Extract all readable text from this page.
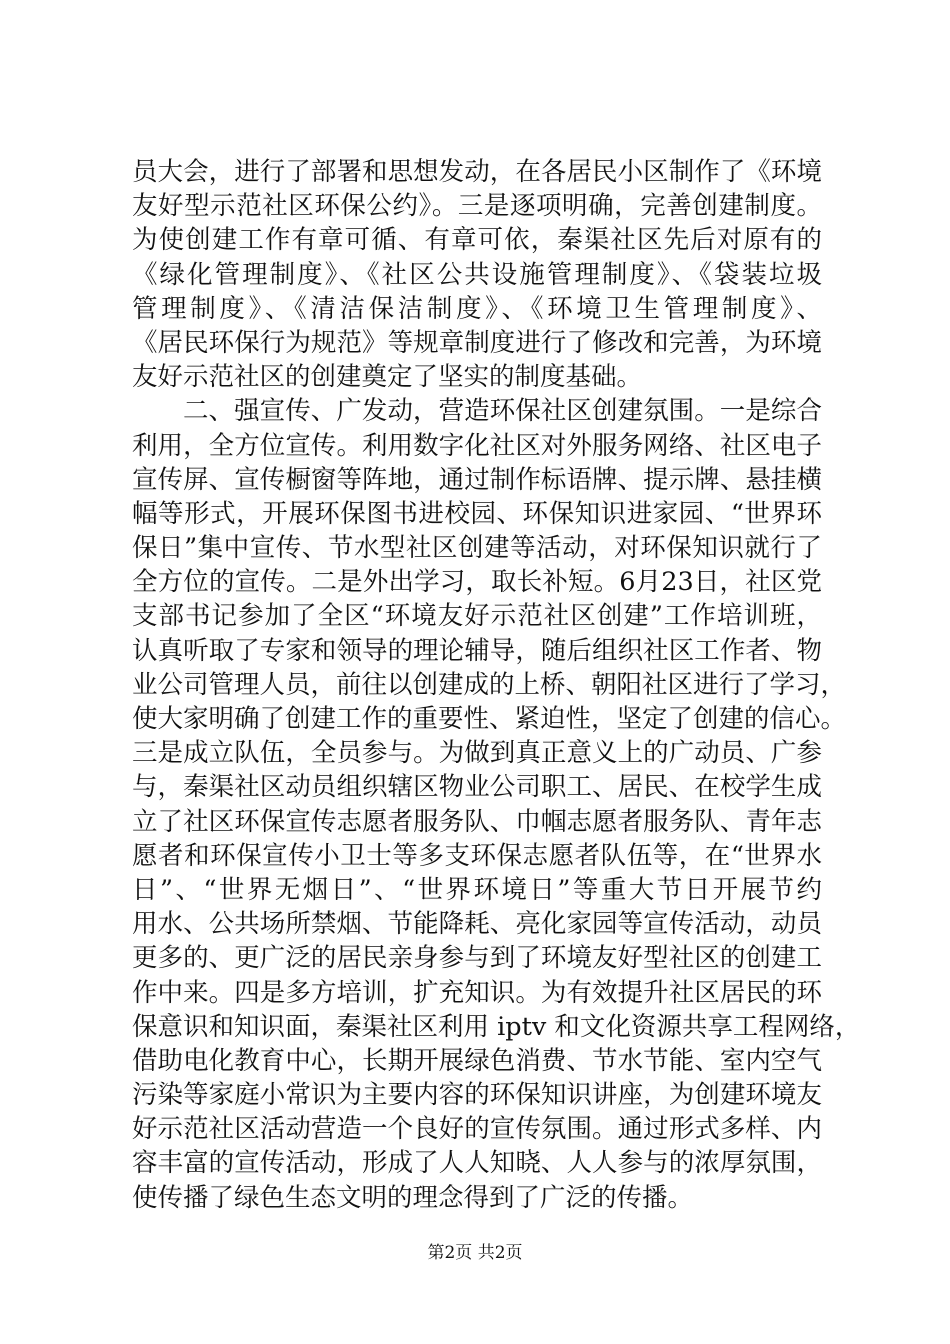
员大会，进行了部署和思想发动，在各居民小区制作了《环境
友好型示范社区环保公约》。三是逐项明确，完善创建制度。
为使创建工作有章可循、有章可依，秦渠社区先后对原有的
《绿化管理制度》、《社区公共设施管理制度》、《袋装垃圾
管理制度》、《清洁保洁制度》、《环境卫生管理制度》、
《居民环保行为规范》等规章制度进行了修改和完善，为环境
友好示范社区的创建奠定了坚实的制度基础。
二、强宣传、广发动，营造环保社区创建氛围。一是综合
利用，全方位宣传。利用数字化社区对外服务网络、社区电子
宣传屏、宣传橱窗等阵地，通过制作标语牌、提示牌、悬挂横
幅等形式，开展环保图书进校园、环保知识进家园、“世界环
保日”集中宣传、节水型社区创建等活动，对环保知识就行了
全方位的宣传。二是外出学习，取长补短。6月23日，社区党
支部书记参加了全区“环境友好示范社区创建”工作培训班，
认真听取了专家和领导的理论辅导，随后组织社区工作者、物
业公司管理人员，前往以创建成的上桥、朝阳社区进行了学习，
使大家明确了创建工作的重要性、紧迫性，坚定了创建的信心。
三是成立队伍，全员参与。为做到真正意义上的广动员、广参
与，秦渠社区动员组织辖区物业公司职工、居民、在校学生成
立了社区环保宣传志愿者服务队、巾帼志愿者服务队、青年志
愿者和环保宣传小卫士等多支环保志愿者队伍等，在“世界水
日”、“世界无烟日”、“世界环境日”等重大节日开展节约
用水、公共场所禁烟、节能降耗、亮化家园等宣传活动，动员
更多的、更广泛的居民亲身参与到了环境友好型社区的创建工
作中来。四是多方培训，扩充知识。为有效提升社区居民的环
保意识和知识面，秦渠社区利用 iptv 和文化资源共享工程网络，
借助电化教育中心，长期开展绿色消费、节水节能、室内空气
污染等家庭小常识为主要内容的环保知识讲座，为创建环境友
好示范社区活动营造一个良好的宣传氛围。通过形式多样、内
容丰富的宣传活动，形成了人人知晓、人人参与的浓厚氛围，
使传播了绿色生态文明的理念得到了广泛的传播。
第2页 共2页
